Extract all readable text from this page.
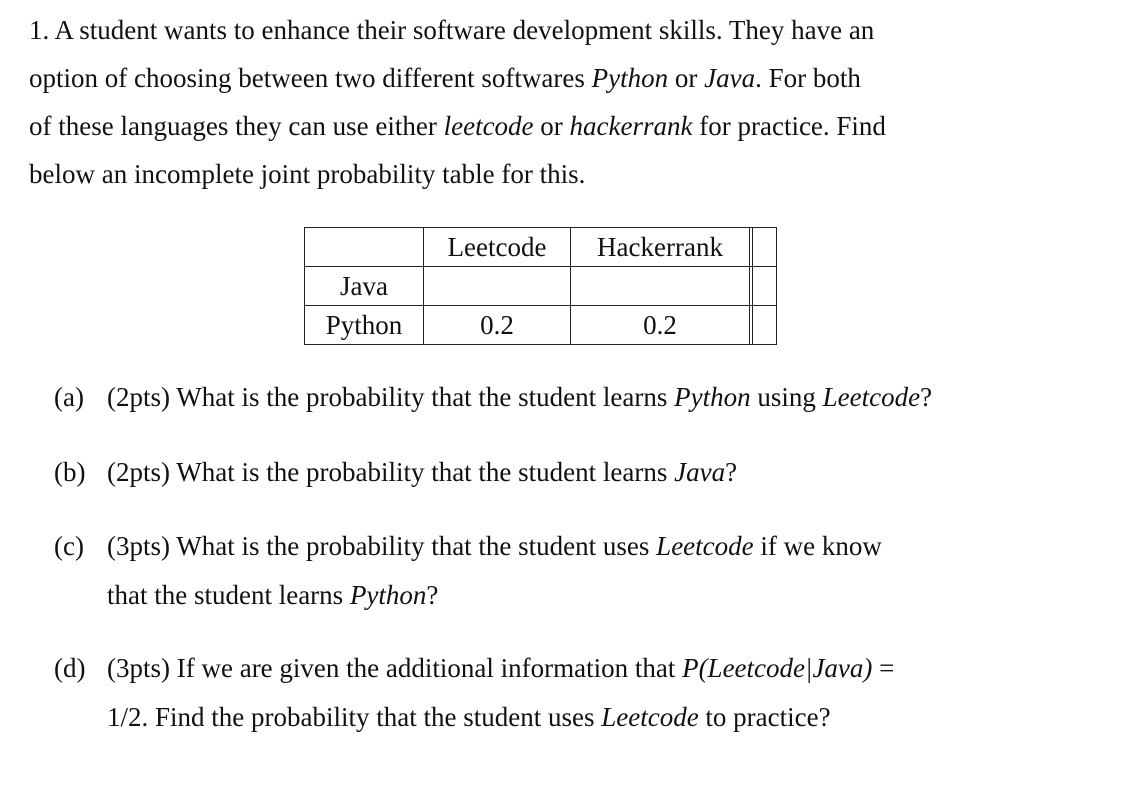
1. A student wants to enhance their software development skills. They have an
option of choosing between two different softwares Python or Java. For both
of these languages they can use either leetcode or hackerrank for practice. Find
below an incomplete joint probability table for this.
	Leetcode	Hackerrank	
Java			
Python	0.2	0.2	
(a) (2pts) What is the probability that the student learns Python using Leetcode?
(b) (2pts) What is the probability that the student learns Java?
(c) (3pts) What is the probability that the student uses Leetcode if we know
that the student learns Python?
(d) (3pts) If we are given the additional information that P(Leetcode|Java) =
1/2. Find the probability that the student uses Leetcode to practice?
